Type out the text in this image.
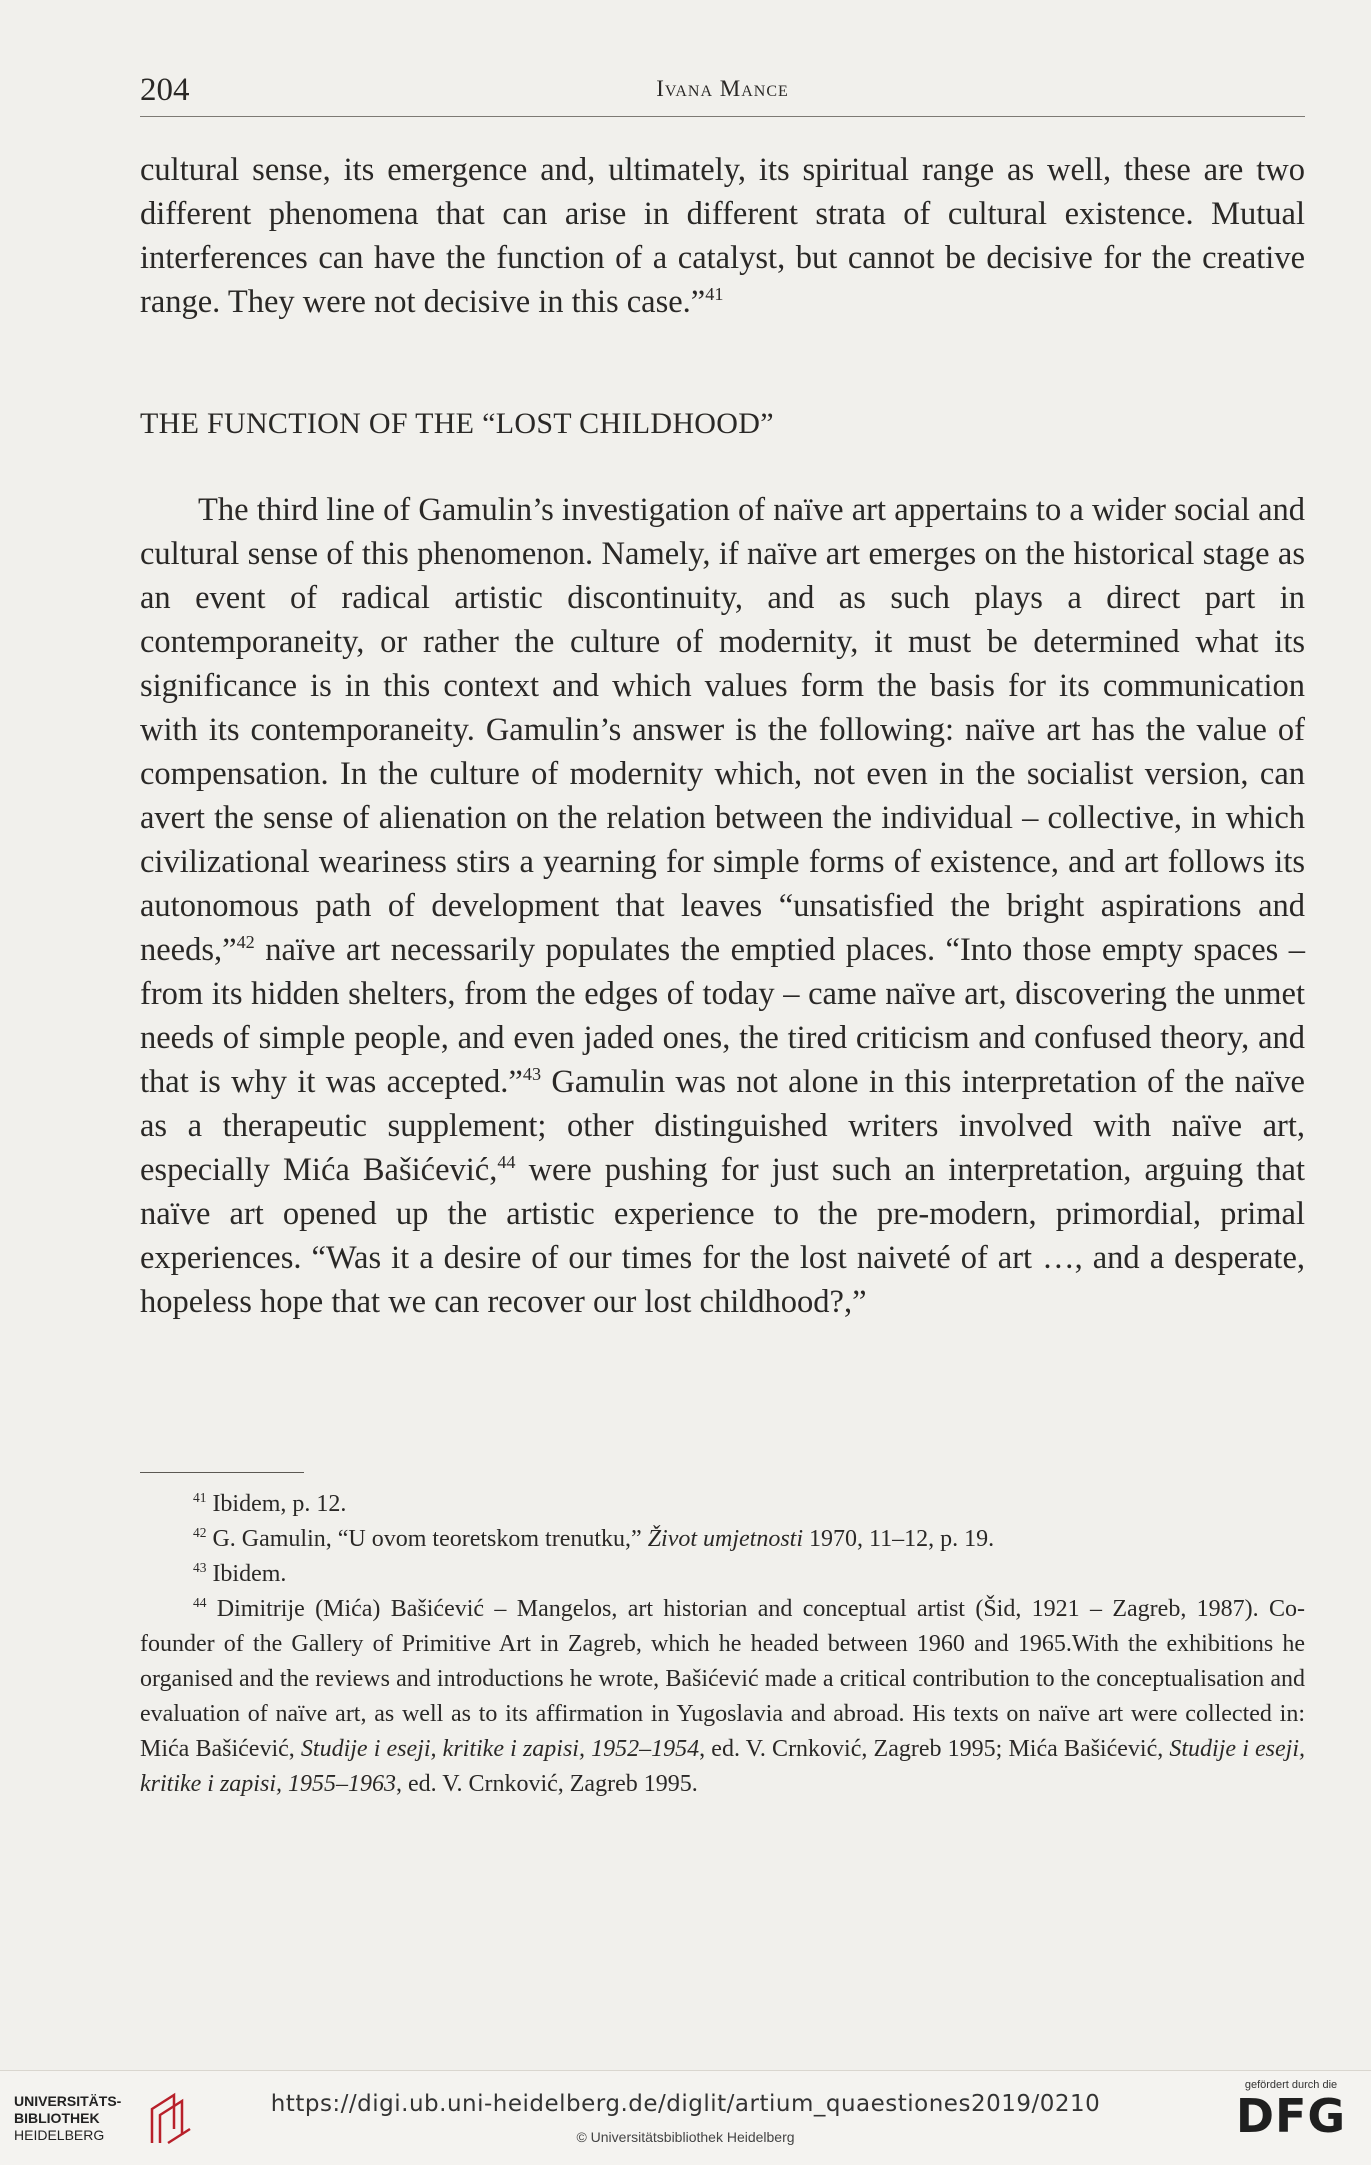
204	Ivana Mance

cultural sense, its emergence and, ultimately, its spiritual range as well, these are two different phenomena that can arise in different strata of cultural existence. Mutual interferences can have the function of a catalyst, but cannot be decisive for the creative range. They were not decisive in this case.”$^{41}$

THE FUNCTION OF THE “LOST CHILDHOOD”

The third line of Gamulin’s investigation of naïve art appertains to a wider social and cultural sense of this phenomenon. Namely, if naïve art emerges on the historical stage as an event of radical artistic discontinuity, and as such plays a direct part in contemporaneity, or rather the culture of modernity, it must be determined what its significance is in this context and which values form the basis for its communication with its contemporaneity. Gamulin’s answer is the following: naïve art has the value of compensation. In the culture of modernity which, not even in the socialist version, can avert the sense of alienation on the relation between the individual – collective, in which civilizational weariness stirs a yearning for simple forms of existence, and art follows its autonomous path of development that leaves “unsatisfied the bright aspirations and needs,”$^{42}$ naïve art necessarily populates the emptied places. “Into those empty spaces – from its hidden shelters, from the edges of today – came naïve art, discovering the unmet needs of simple people, and even jaded ones, the tired criticism and confused theory, and that is why it was accepted.”$^{43}$ Gamulin was not alone in this interpretation of the naïve as a therapeutic supplement; other distinguished writers involved with naïve art, especially Mića Bašićević,$^{44}$ were pushing for just such an interpretation, arguing that naïve art opened up the artistic experience to the pre-modern, primordial, primal experiences. “Was it a desire of our times for the lost naiveté of art …, and a desperate, hopeless hope that we can recover our lost childhood?,”

$^{41}$ Ibidem, p. 12.

$^{42}$ G. Gamulin, “U ovom teoretskom trenutku,” Život umjetnosti 1970, 11–12, p. 19.

$^{43}$ Ibidem.

$^{44}$ Dimitrije (Mića) Bašićević – Mangelos, art historian and conceptual artist (Šid, 1921 – Zagreb, 1987). Co-founder of the Gallery of Primitive Art in Zagreb, which he headed between 1960 and 1965.With the exhibitions he organised and the reviews and introductions he wrote, Bašićević made a critical contribution to the conceptualisation and evaluation of naïve art, as well as to its affirmation in Yugoslavia and abroad. His texts on naïve art were collected in: Mića Bašićević, Studije i eseji, kritike i zapisi, 1952–1954, ed. V. Crnković, Zagreb 1995; Mića Bašićević, Studije i eseji, kritike i zapisi, 1955–1963, ed. V. Crnković, Zagreb 1995.

UNIVERSITÄTS-
BIBLIOTHEK
HEIDELBERG
https://digi.ub.uni-heidelberg.de/diglit/artium_quaestiones2019/0210
© Universitätsbibliothek Heidelberg
gefördert durch die
DFG
